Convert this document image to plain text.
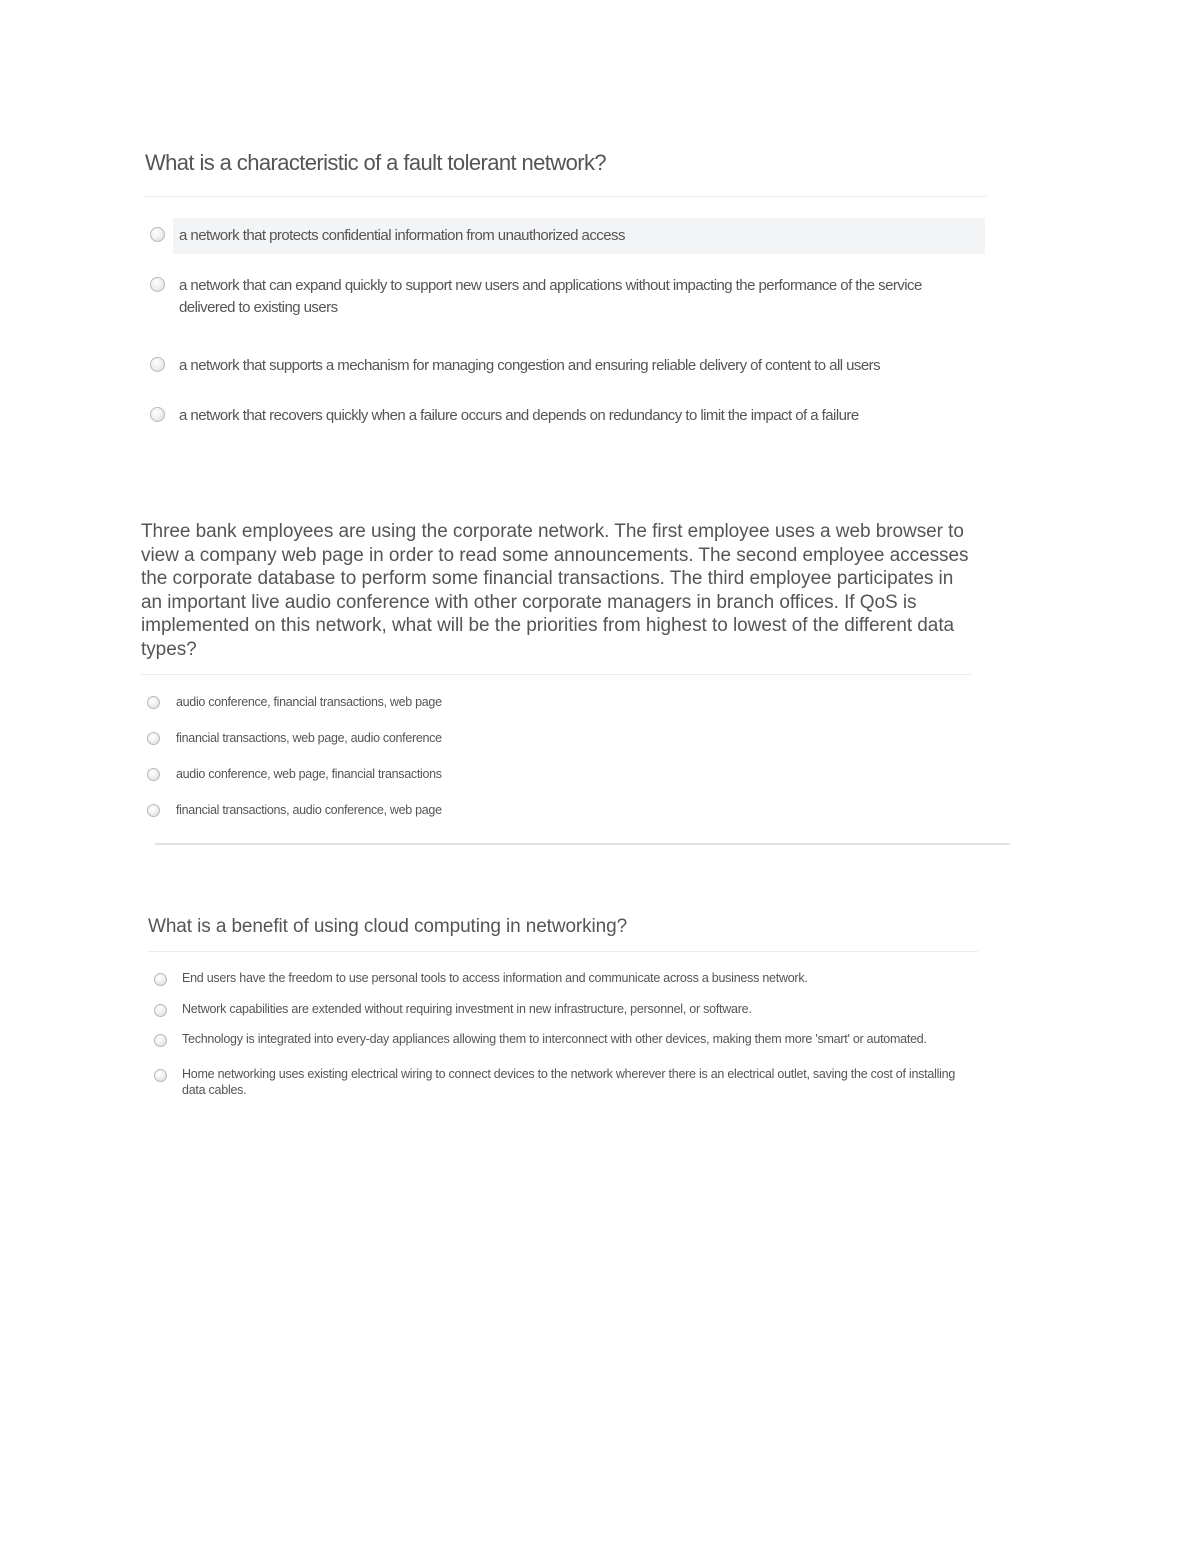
What is a characteristic of a fault tolerant network?
a network that protects confidential information from unauthorized access
a network that can expand quickly to support new users and applications without impacting the performance of the service delivered to existing users
a network that supports a mechanism for managing congestion and ensuring reliable delivery of content to all users
a network that recovers quickly when a failure occurs and depends on redundancy to limit the impact of a failure
Three bank employees are using the corporate network. The first employee uses a web browser to view a company web page in order to read some announcements. The second employee accesses the corporate database to perform some financial transactions. The third employee participates in an important live audio conference with other corporate managers in branch offices. If QoS is implemented on this network, what will be the priorities from highest to lowest of the different data types?
audio conference, financial transactions, web page
financial transactions, web page, audio conference
audio conference, web page, financial transactions
financial transactions, audio conference, web page
What is a benefit of using cloud computing in networking?
End users have the freedom to use personal tools to access information and communicate across a business network.
Network capabilities are extended without requiring investment in new infrastructure, personnel, or software.
Technology is integrated into every-day appliances allowing them to interconnect with other devices, making them more 'smart' or automated.
Home networking uses existing electrical wiring to connect devices to the network wherever there is an electrical outlet, saving the cost of installing data cables.
